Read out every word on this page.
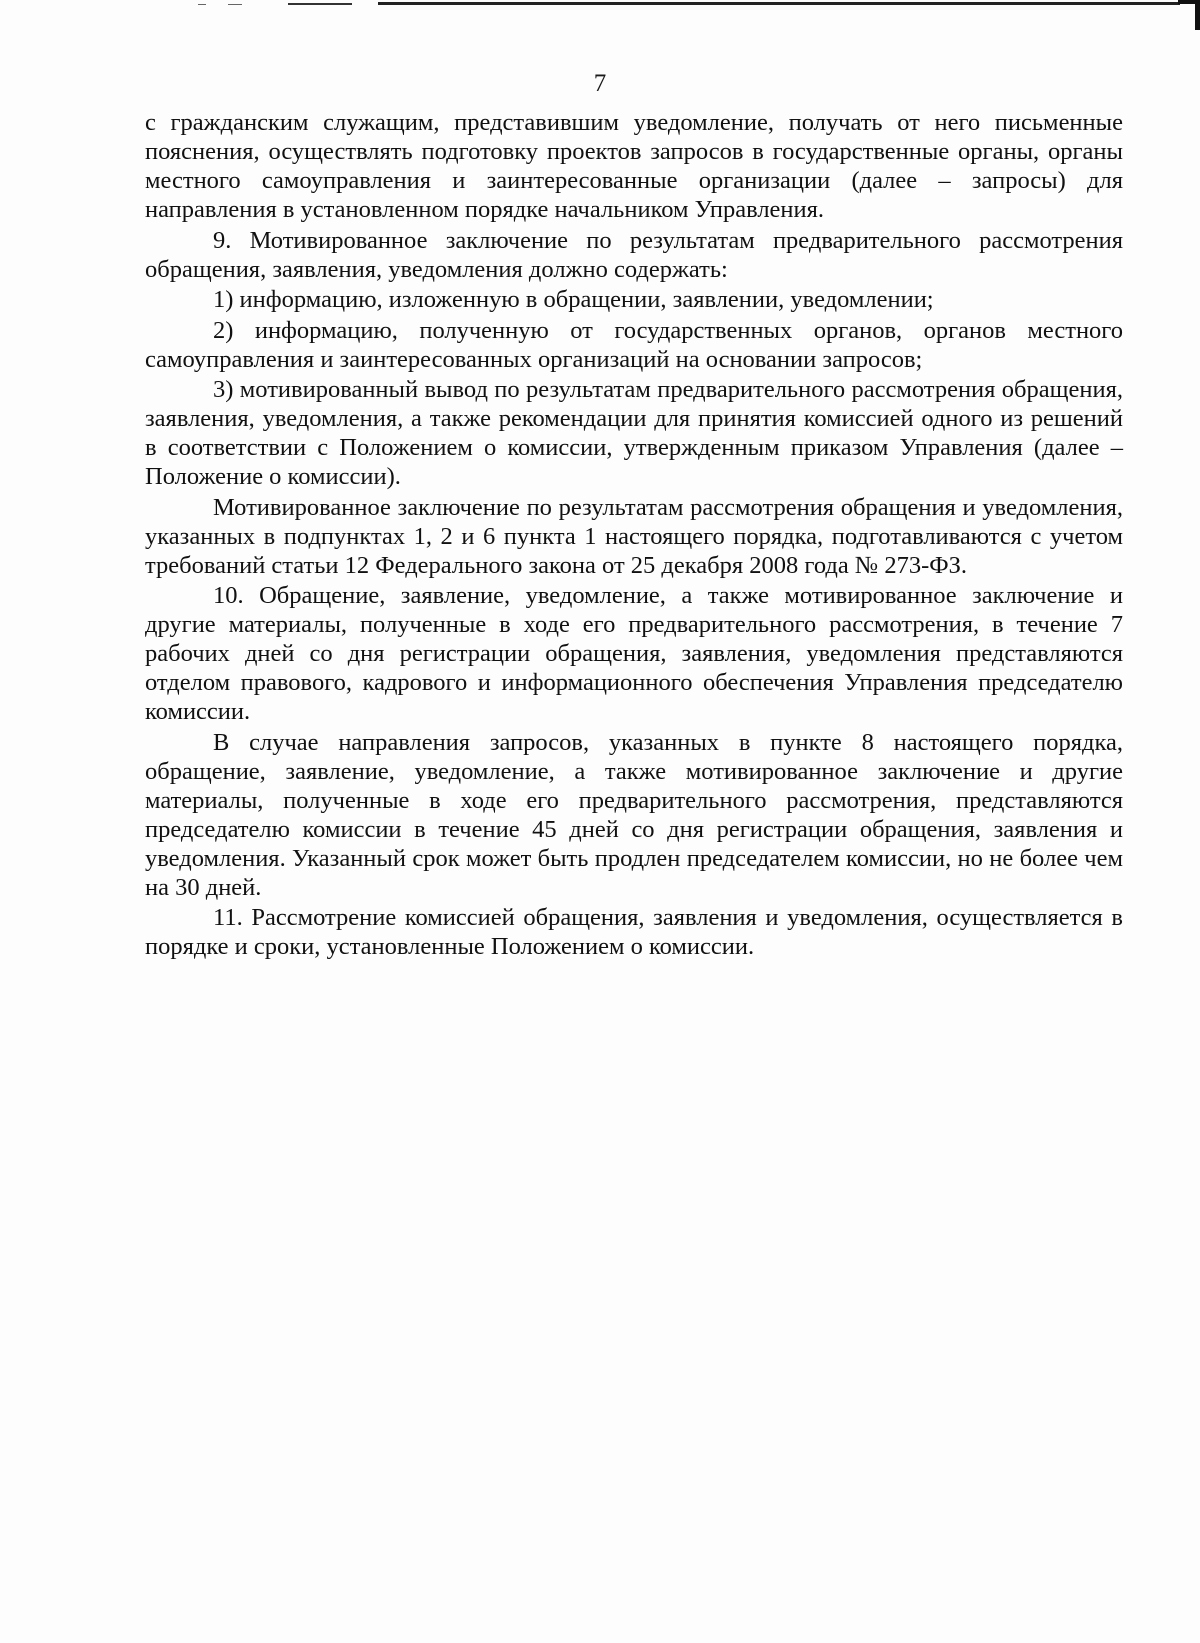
7

с гражданским служащим, представившим уведомление, получать от него письменные пояснения, осуществлять подготовку проектов запросов в государственные органы, органы местного самоуправления и заинтересованные организации (далее – запросы) для направления в установленном порядке начальником Управления.

9. Мотивированное заключение по результатам предварительного рассмотрения обращения, заявления, уведомления должно содержать:

1) информацию, изложенную в обращении, заявлении, уведомлении;

2) информацию, полученную от государственных органов, органов местного самоуправления и заинтересованных организаций на основании запросов;

3) мотивированный вывод по результатам предварительного рассмотрения обращения, заявления, уведомления, а также рекомендации для принятия комиссией одного из решений в соответствии с Положением о комиссии, утвержденным приказом Управления (далее – Положение о комиссии).

Мотивированное заключение по результатам рассмотрения обращения и уведомления, указанных в подпунктах 1, 2 и 6 пункта 1 настоящего порядка, подготавливаются с учетом требований статьи 12 Федерального закона от 25 декабря 2008 года № 273-ФЗ.

10. Обращение, заявление, уведомление, а также мотивированное заключение и другие материалы, полученные в ходе его предварительного рассмотрения, в течение 7 рабочих дней со дня регистрации обращения, заявления, уведомления представляются отделом правового, кадрового и информационного обеспечения Управления председателю комиссии.

В случае направления запросов, указанных в пункте 8 настоящего порядка, обращение, заявление, уведомление, а также мотивированное заключение и другие материалы, полученные в ходе его предварительного рассмотрения, представляются председателю комиссии в течение 45 дней со дня регистрации обращения, заявления и уведомления. Указанный срок может быть продлен председателем комиссии, но не более чем на 30 дней.

11. Рассмотрение комиссией обращения, заявления и уведомления, осуществляется в порядке и сроки, установленные Положением о комиссии.
